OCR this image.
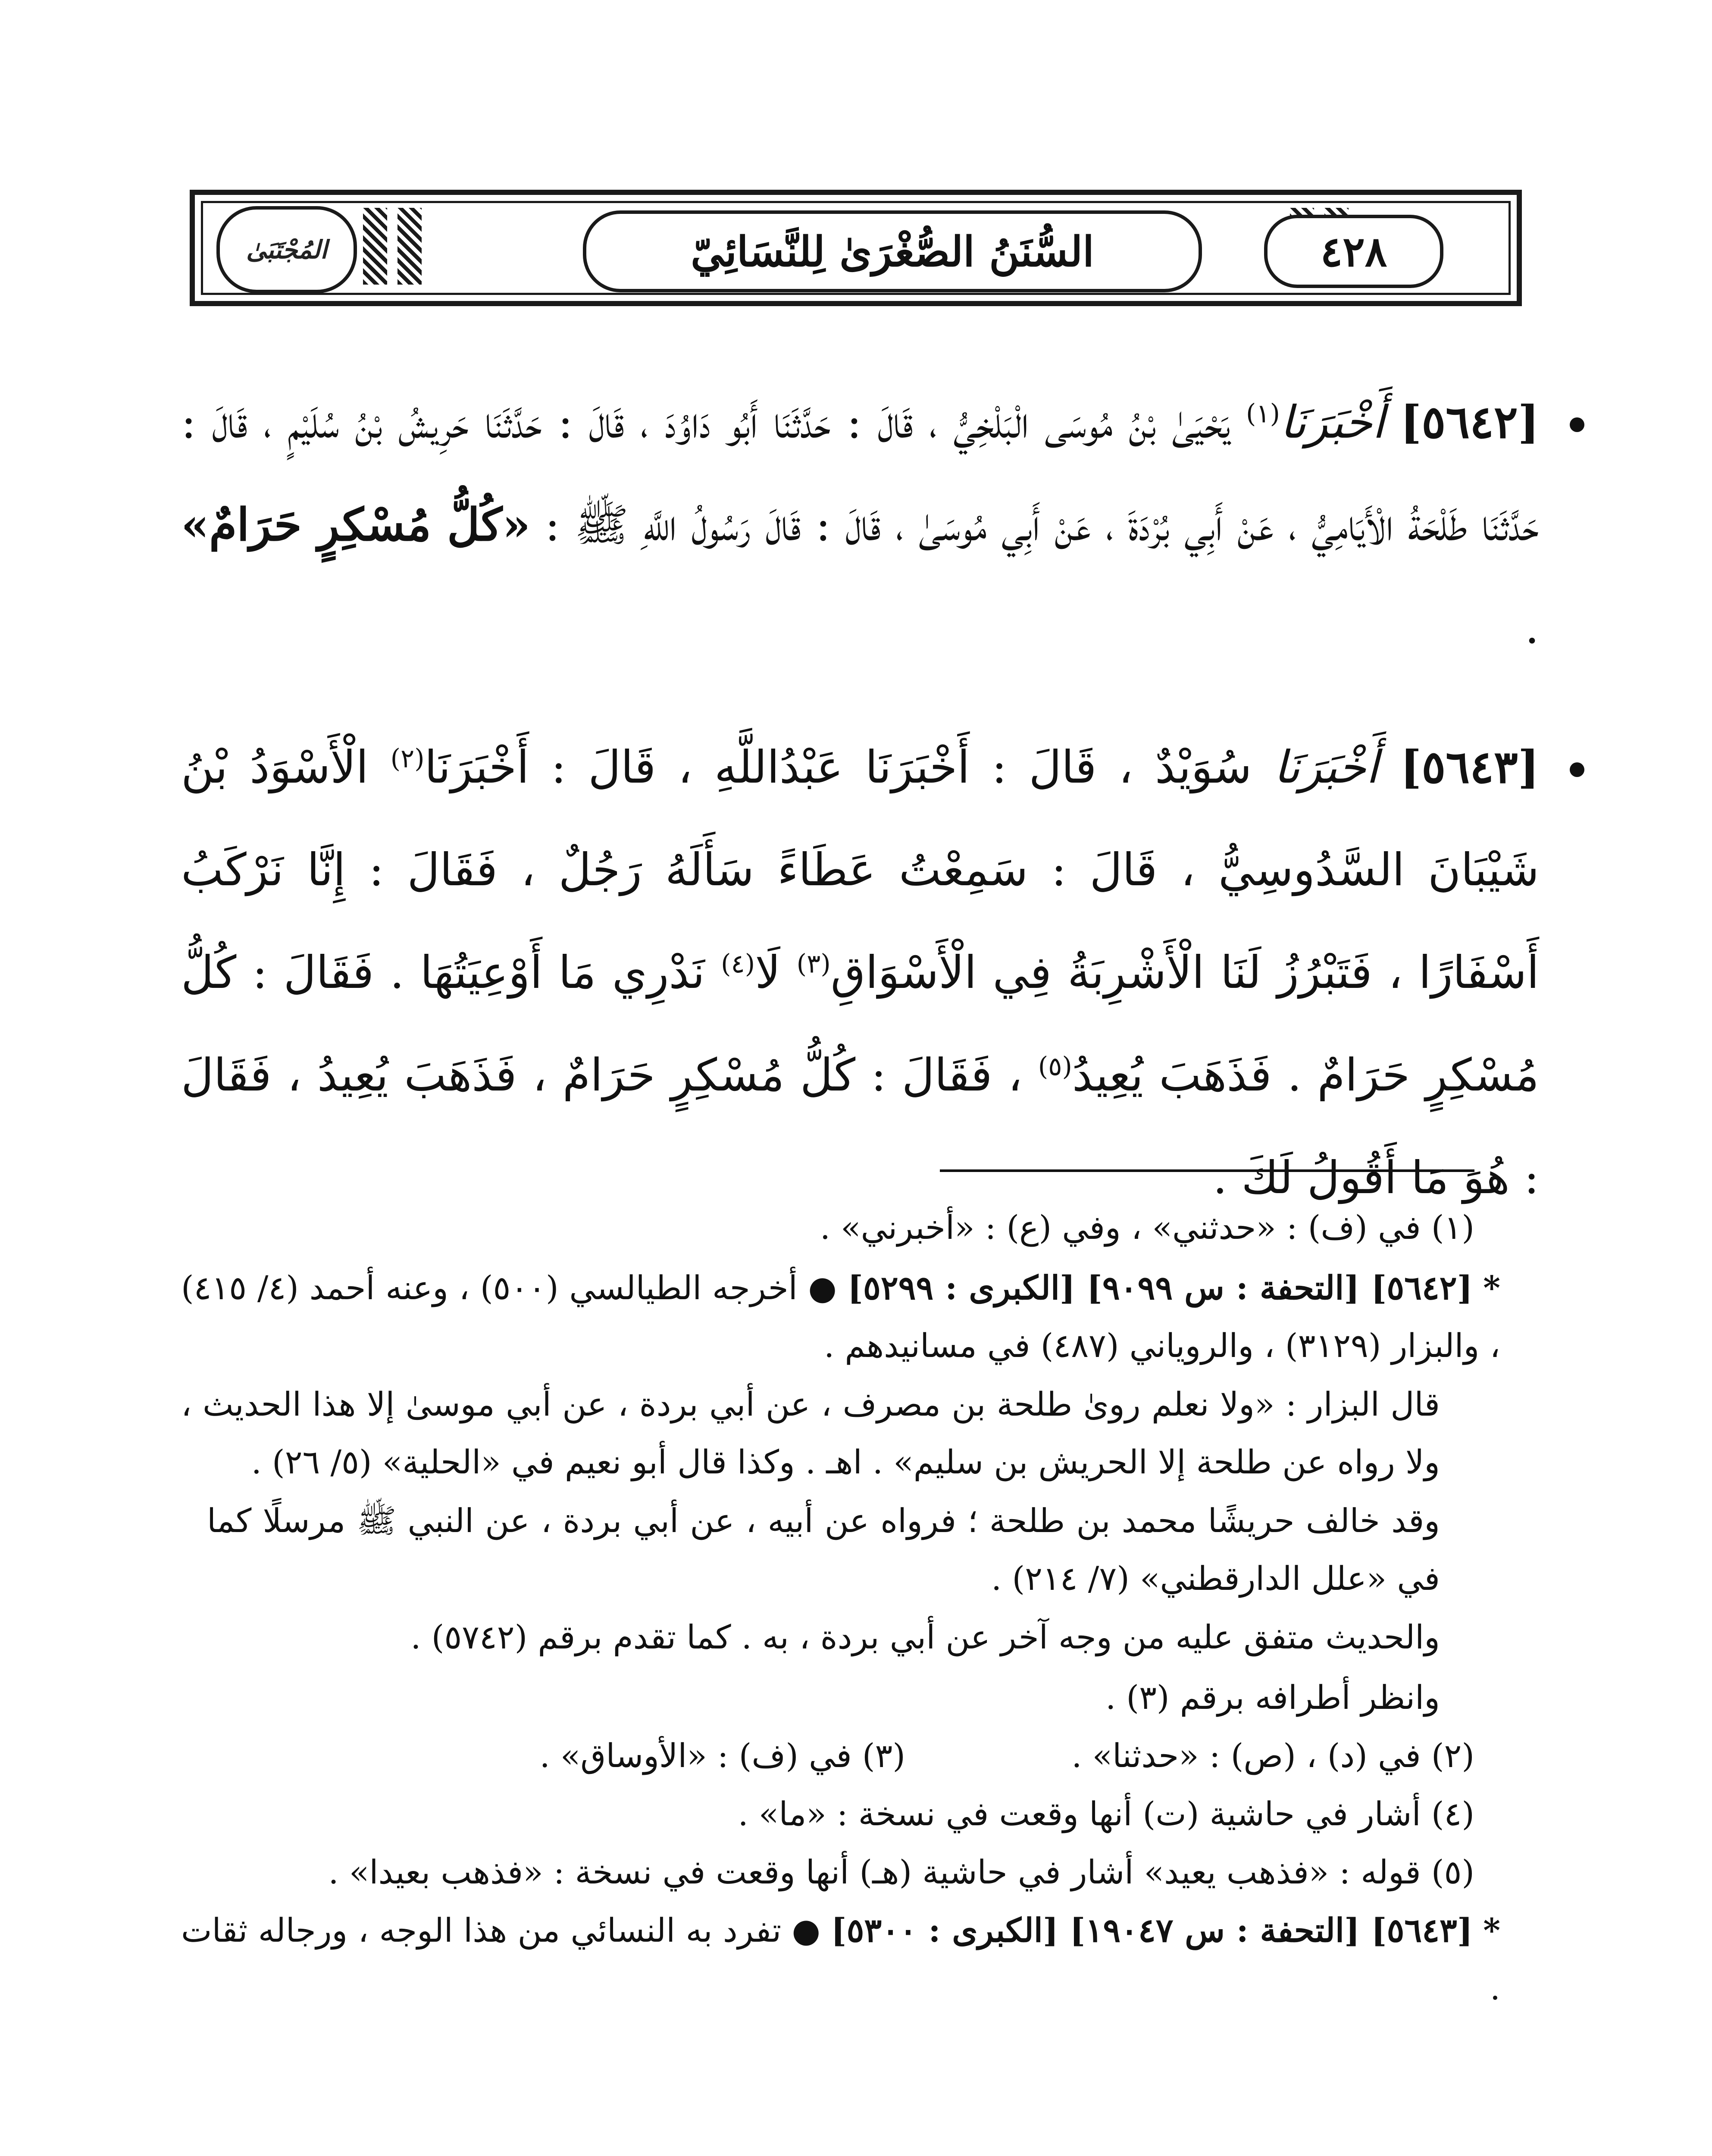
المُجْتَبَىٰ	السُّنَنُ الصُّغْرَىٰ لِلنَّسَائِيّ	٤٢٨
[٥٦٤٢] أَخْبَرَنَا$^{(١)}$ يَحْيَىٰ بْنُ مُوسَى الْبَلْخِيُّ ، قَالَ : حَدَّثَنَا أَبُو دَاوُدَ ، قَالَ : حَدَّثَنَا حَرِيشُ بْنُ سُلَيْمٍ ، قَالَ : حَدَّثَنَا طَلْحَةُ الْأَيَامِيُّ ، عَنْ أَبِي بُرْدَةَ ، عَنْ أَبِي مُوسَىٰ ، قَالَ : قَالَ رَسُولُ اللَّهِ ﷺ : «كُلُّ مُسْكِرٍ حَرَامٌ» .
[٥٦٤٣] أَخْبَرَنَا سُوَيْدٌ ، قَالَ : أَخْبَرَنَا عَبْدُاللَّهِ ، قَالَ : أَخْبَرَنَا$^{(٢)}$ الْأَسْوَدُ بْنُ شَيْبَانَ السَّدُوسِيُّ ، قَالَ : سَمِعْتُ عَطَاءً سَأَلَهُ رَجُلٌ ، فَقَالَ : إِنَّا نَرْكَبُ أَسْفَارًا ، فَتَبْرُزُ لَنَا الْأَشْرِبَةُ فِي الْأَسْوَاقِ$^{(٣)}$ لَا$^{(٤)}$ نَدْرِي مَا أَوْعِيَتُهَا . فَقَالَ : كُلُّ مُسْكِرٍ حَرَامٌ . فَذَهَبَ يُعِيدُ$^{(٥)}$ ، فَقَالَ : كُلُّ مُسْكِرٍ حَرَامٌ ، فَذَهَبَ يُعِيدُ ، فَقَالَ : هُوَ مَا أَقُولُ لَكَ .
(١) في (ف) : «حدثني» ، وفي (ع) : «أخبرني» .
* [٥٦٤٢] [التحفة : س ٩٠٩٩] [الكبرى : ٥٢٩٩] ● أخرجه الطيالسي (٥٠٠) ، وعنه أحمد (٤/ ٤١٥) ، والبزار (٣١٢٩) ، والروياني (٤٨٧) في مسانيدهم .
قال البزار : «ولا نعلم روىٰ طلحة بن مصرف ، عن أبي بردة ، عن أبي موسىٰ إلا هذا الحديث ، ولا رواه عن طلحة إلا الحريش بن سليم» . اهـ . وكذا قال أبو نعيم في «الحلية» (٥/ ٢٦) .
وقد خالف حريشًا محمد بن طلحة ؛ فرواه عن أبيه ، عن أبي بردة ، عن النبي ﷺ مرسلًا كما في «علل الدارقطني» (٧/ ٢١٤) .
والحديث متفق عليه من وجه آخر عن أبي بردة ، به . كما تقدم برقم (٥٧٤٢) .
وانظر أطرافه برقم (٣) .
(٢) في (د) ، (ص) : «حدثنا» .
(٣) في (ف) : «الأوساق» .
(٤) أشار في حاشية (ت) أنها وقعت في نسخة : «ما» .
(٥) قوله : «فذهب يعيد» أشار في حاشية (هـ) أنها وقعت في نسخة : «فذهب بعيدا» .
* [٥٦٤٣] [التحفة : س ١٩٠٤٧] [الكبرى : ٥٣٠٠] ● تفرد به النسائي من هذا الوجه ، ورجاله ثقات .
